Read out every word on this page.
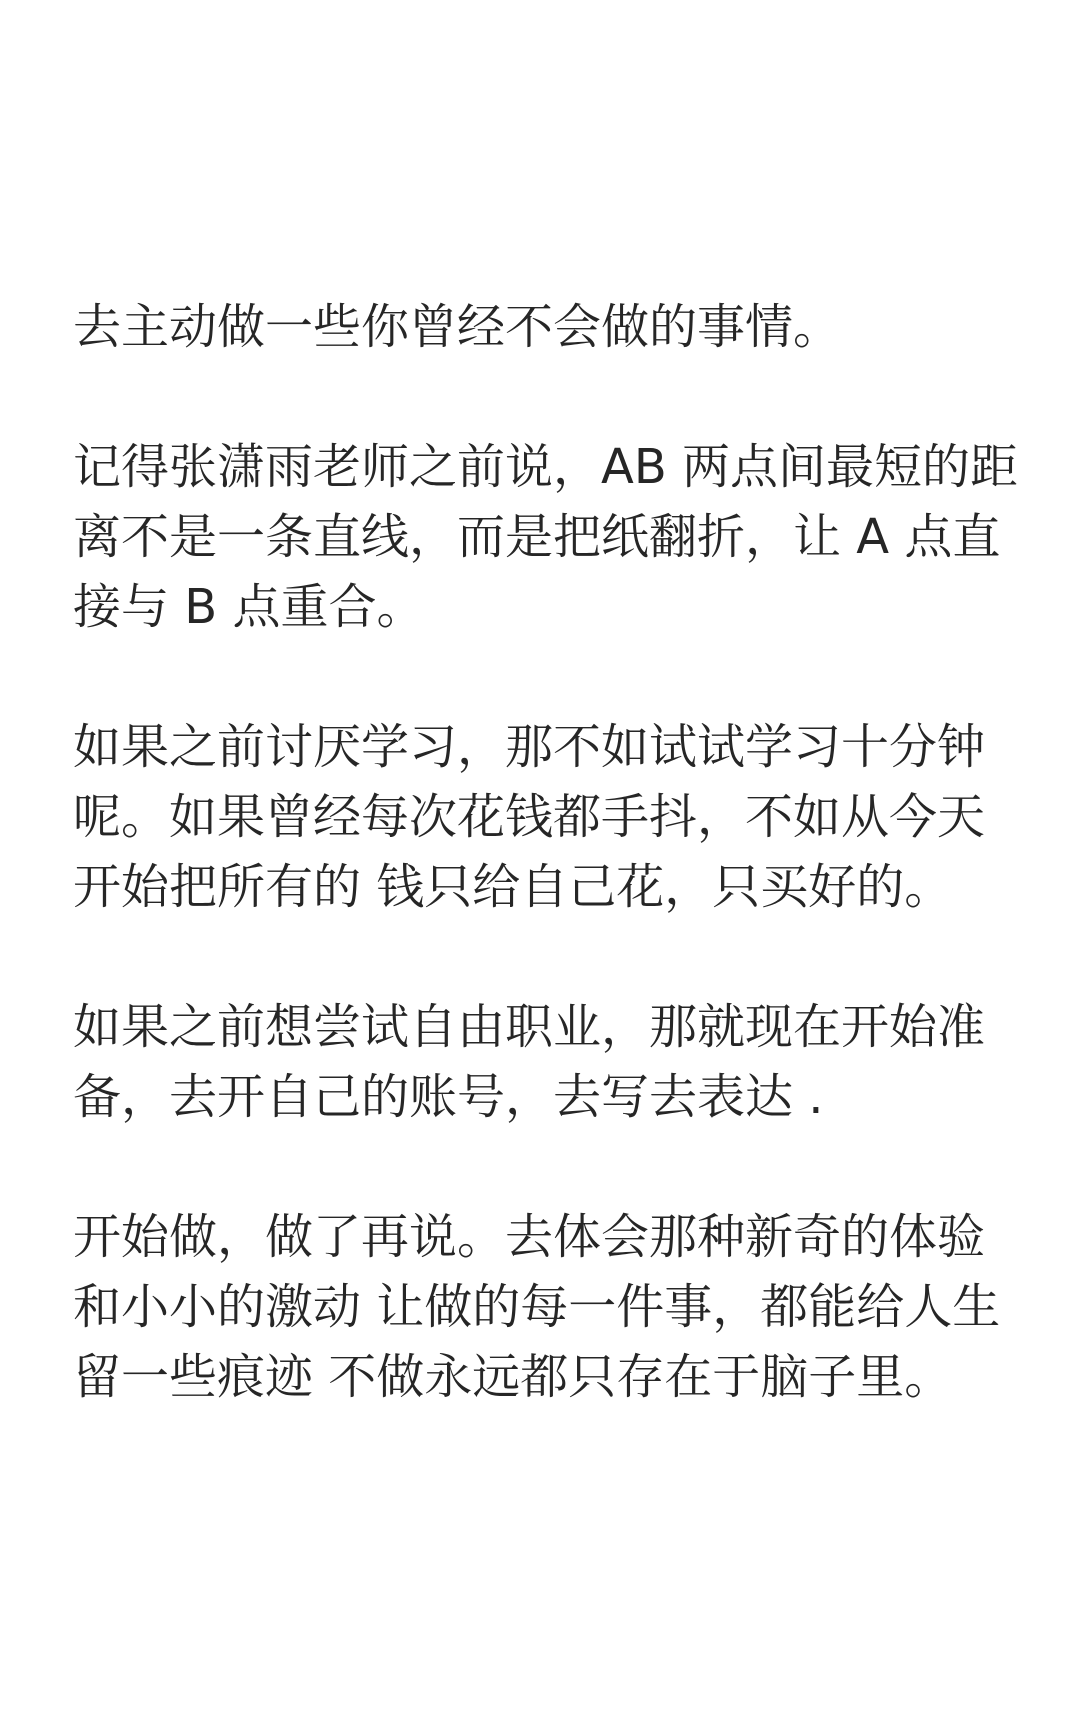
去主动做一些你曾经不会做的事情。

记得张潇雨老师之前说，AB 两点间最短的距
离不是一条直线，而是把纸翻折，让 A 点直
接与 B 点重合。

如果之前讨厌学习，那不如试试学习十分钟
呢。如果曾经每次花钱都手抖，不如从今天
开始把所有的 钱只给自己花，只买好的。

如果之前想尝试自由职业，那就现在开始准
备，去开自己的账号，去写去表达 .

开始做，做了再说。去体会那种新奇的体验
和小小的激动 让做的每一件事，都能给人生
留一些痕迹 不做永远都只存在于脑子里。
